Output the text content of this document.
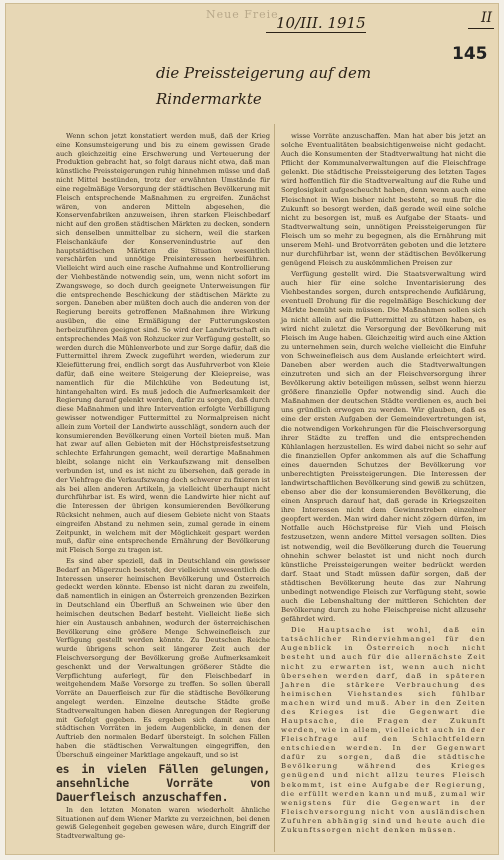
Neue Freie
10/III. 1915	II
145
die Preissteigerung auf dem Rindermarkte

Wenn schon jetzt konstatiert werden muß, daß der Krieg eine Konsumsteigerung und bis zu einem gewissen Grade auch gleichzeitig eine Erschwerung und Verteuerung der Produktion gebracht hat, so folgt daraus nicht etwa, daß man künstliche Preissteigerungen ruhig hinnehmen müsse und daß nicht Mittel bestünden, trotz der erwähnten Umstände für eine regelmäßige Versorgung der städtischen Bevölkerung mit Fleisch entsprechende Maßnahmen zu ergreifen. Zunächst wären, von anderen Mitteln abgesehen, die Konservenfabriken anzuweisen, ihren starken Fleischbedarf nicht auf den großen städtischen Märkten zu decken, sondern sich denselben unmittelbar zu sichern, weil die starken Fleischankäufe der Konservenindustrie auf den hauptstädtischen Märkten die Situation wesentlich verschärfen und unnötige Preisinteressen herbeiführen. Vielleicht wird auch eine rasche Aufnahme und Kontrollierung der Viehbestände notwendig sein, um, wenn nicht sofort im Zwangswege, so doch durch geeignete Unterweisungen für die entsprechende Beschickung der städtischen Märkte zu sorgen. Daneben aber müßten doch auch die anderen von der Regierung bereits getroffenen Maßnahmen ihre Wirkung ausüben, die eine Ermäßigung der Futterungskosten herbeizuführen geeignet sind. So wird der Landwirtschaft ein entsprechendes Maß von Rohzucker zur Verfügung gestellt, so werden durch die Mühlenverbote und zur Sorge dafür, daß die Futtermittel ihrem Zweck zugeführt werden, wiederum zur Kleiefütterung frei, endlich sorgt das Ausfuhrverbot von Kleie dafür, daß eine weitere Steigerung der Kleiepreise, was namentlich für die Milchkühe von Bedeutung ist, hintangehalten wird. Es muß jedoch die Aufmerksamkeit der Regierung darauf gelenkt werden, dafür zu sorgen, daß durch diese Maßnahmen und ihre Intervention erfolgte Verbilligung gewisser notwendiger Futtermittel zu Normalpreisen nicht allein zum Vorteil der Landwirte ausschlägt, sondern auch der konsumierenden Bevölkerung einen Vorteil bieten muß. Man hat zwar auf allen Gebieten mit der Höchstpreisfestsetzung schlechte Erfahrungen gemacht, weil derartige Maßnahmen bleibt, solange nicht ein Verkaufszwang mit denselben verbunden ist, und es ist nicht zu übersehen, daß gerade in der Viehfrage die Verkaufszwang doch schwerer zu fixieren ist als bei allen anderen Artikeln, ja vielleicht überhaupt nicht durchführbar ist. Es wird, wenn die Landwirte hier nicht auf die Interessen der übrigen konsumierenden Bevölkerung Rücksicht nehmen, auch auf diesem Gebiete nicht von Staats eingreifen Abstand zu nehmen sein, zumal gerade in einem Zeitpunkt, in welchem mit der Möglichkeit gespart werden muß, dafür eine entsprechende Ernährung der Bevölkerung mit Fleisch Sorge zu tragen ist.

Es sind aber speziell, daß in Deutschland ein gewisser Bedarf an Mägerzuch besteht, der vielleicht unwesentlich die Interessen unserer heimischen Bevölkerung und Österreich gedeckt werden könnte. Ebenso ist nicht daran zu zweifeln, daß namentlich in einigen an Österreich grenzenden Bezirken in Deutschland ein Überfluß an Schweinen wie über den heimischen deutschen Bedarf besteht. Vielleicht ließe sich hier ein Austausch anbahnen, wodurch der österreichischen Bevölkerung eine größere Menge Schweinefleisch zur Verfügung gestellt werden könnte. Zu Deutschen Reiche wurde übrigens schon seit längerer Zeit auch der Fleischversorgung der Bevölkerung große Aufmerksamkeit geschenkt und der Verwaltungen größerer Städte die Verpflichtung auferlegt, für den Fleischbedarf in weitgehendem Maße Vorsorge zu treffen. So sollen überall Vorräte an Dauerfleisch zur für die städtische Bevölkerung angelegt werden. Einzelne deutsche Städte große Stadtverwaltungen haben diesen Anregungen der Regierung mit Gefolgt gegeben. Es ergeben sich damit aus den städtischen Vorräten in jedem Augenblicke, in denen der Auftrieb den normalen Bedarf übersteigt. In solchen Fällen haben die städtischen Verwaltungen eingegriffen, den Überschuß eingeiner Marktlage angekauft, und so ist

es in vielen Fällen gelungen, ansehnliche Vorräte von Dauerfleisch anzuschaffen.

In den letzten Monaten waren wiederholt ähnliche Situationen auf dem Wiener Markte zu verzeichnen, bei denen gewiß Gelegenheit gegeben gewesen wäre, durch Eingriff der Stadtverwaltung ge-

wisse Vorräte anzuschaffen. Man hat aber bis jetzt an solche Eventualitäten beabsichtigenweise nicht gedacht. Auch die Konsumenten der Stadtverwaltung hat nicht die Pflicht der Kommunalverwaltungen auf die Fleischfrage gelenkt. Die städtische Preissteigerung des letzten Tages wird hoffentlich für die Stadtverwaltung auf die Ruhe und Sorglosigkeit aufgescheucht haben, denn wenn auch eine Fleischnot in Wien bisher nicht besteht, so muß für die Zukunft so besorgt werden, daß gerade weil eine solche nicht zu besorgen ist, muß es Aufgabe der Staats- und Stadtverwaltung sein, unnötigen Preissteigerungen für Fleisch um so mehr zu begegnen, als die Ernährung mit unserem Mehl- und Brotvorräten geboten und die letztere nur durchführbar ist, wenn der städtischen Bevölkerung genügend Fleisch zu auskömmlichen Preisen zur

Verfügung gestellt wird. Die Staatsverwaltung wird auch hier für eine solche Inventarisierung des Viehbestandes sorgen, durch entsprechende Aufklärung, eventuell Drohung für die regelmäßige Beschickung der Märkte bemüht sein müssen. Die Maßnahmen sollen sich ja nicht allein auf die Futtermittel zu stützen haben, es wird nicht zuletzt die Versorgung der Bevölkerung mit Fleisch im Auge haben. Gleichzeitig wird auch eine Aktion zu unternehmen sein, durch welche vielleicht die Einfuhr von Schweinefleisch aus dem Auslande erleichtert wird. Daneben aber werden auch die Stadtverwaltungen einzutreten und sich an der Fleischversorgung ihrer Bevölkerung aktiv beteiligen müssen, selbst wenn hierzu größere finanzielle Opfer notwendig sind. Auch die Maßnahmen der deutschen Städte verdienen es, auch bei uns gründlich erwogen zu werden. Wir glauben, daß es eine der ersten Aufgaben der Gemeindevertretungen ist, die notwendigen Vorkehrungen für die Fleischversorgung ihrer Städte zu treffen und die entsprechenden Kühlanlagen herzustellen. Es wird dabei nicht so sehr auf die finanziellen Opfer ankommen als auf die Schaffung eines dauernden Schutzes der Bevölkerung vor unberechtigten Preissteigerungen. Die Interessen der landwirtschaftlichen Bevölkerung sind gewiß zu schützen, ebenso aber die der konsumierenden Bevölkerung, die einen Anspruch darauf hat, daß gerade in Kriegszeiten ihre Interessen nicht dem Gewinnstreben einzelner geopfert werden. Man wird daher nicht zögern dürfen, im Notfalle auch Höchstpreise für Vieh und Fleisch festzusetzen, wenn andere Mittel versagen sollten. Dies ist notwendig, weil die Bevölkerung durch die Teuerung ohnehin schwer belastet ist und nicht noch durch künstliche Preissteigerungen weiter bedrückt werden darf. Staat und Stadt müssen dafür sorgen, daß der städtischen Bevölkerung heute das zur Nahrung unbedingt notwendige Fleisch zur Verfügung steht, sowie auch die Lebenshaltung der mittleren Schichten der Bevölkerung durch zu hohe Fleischpreise nicht allzusehr gefährdet wird.

Die Hauptsache ist wohl, daß ein tatsächlicher Rinderviehmangel für den Augenblick in Österreich noch nicht besteht und auch für die allernächste Zeit nicht zu erwarten ist, wenn auch nicht übersehen werden darf, daß in späteren Jahren die stärkere Verbrauchung des heimischen Viehstandes sich fühlbar machen wird und muß. Aber in den Zeiten des Krieges ist die Gegenwart die Hauptsache, die Fragen der Zukunft werden, wie in allem, vielleicht auch in der Fleischfrage auf den Schlachtfeldern entschieden werden. In der Gegenwart dafür zu sorgen, daß die städtische Bevölkerung während des Krieges genügend und nicht allzu teures Fleisch bekommt, ist eine Aufgabe der Regierung, die erfüllt werden kann und muß, zumal wir wenigstens für die Gegenwart in der Fleischversorgung nicht von ausländischen Zufuhren abhängig sind und heute auch die Zukunftssorgen nicht denken müssen.
